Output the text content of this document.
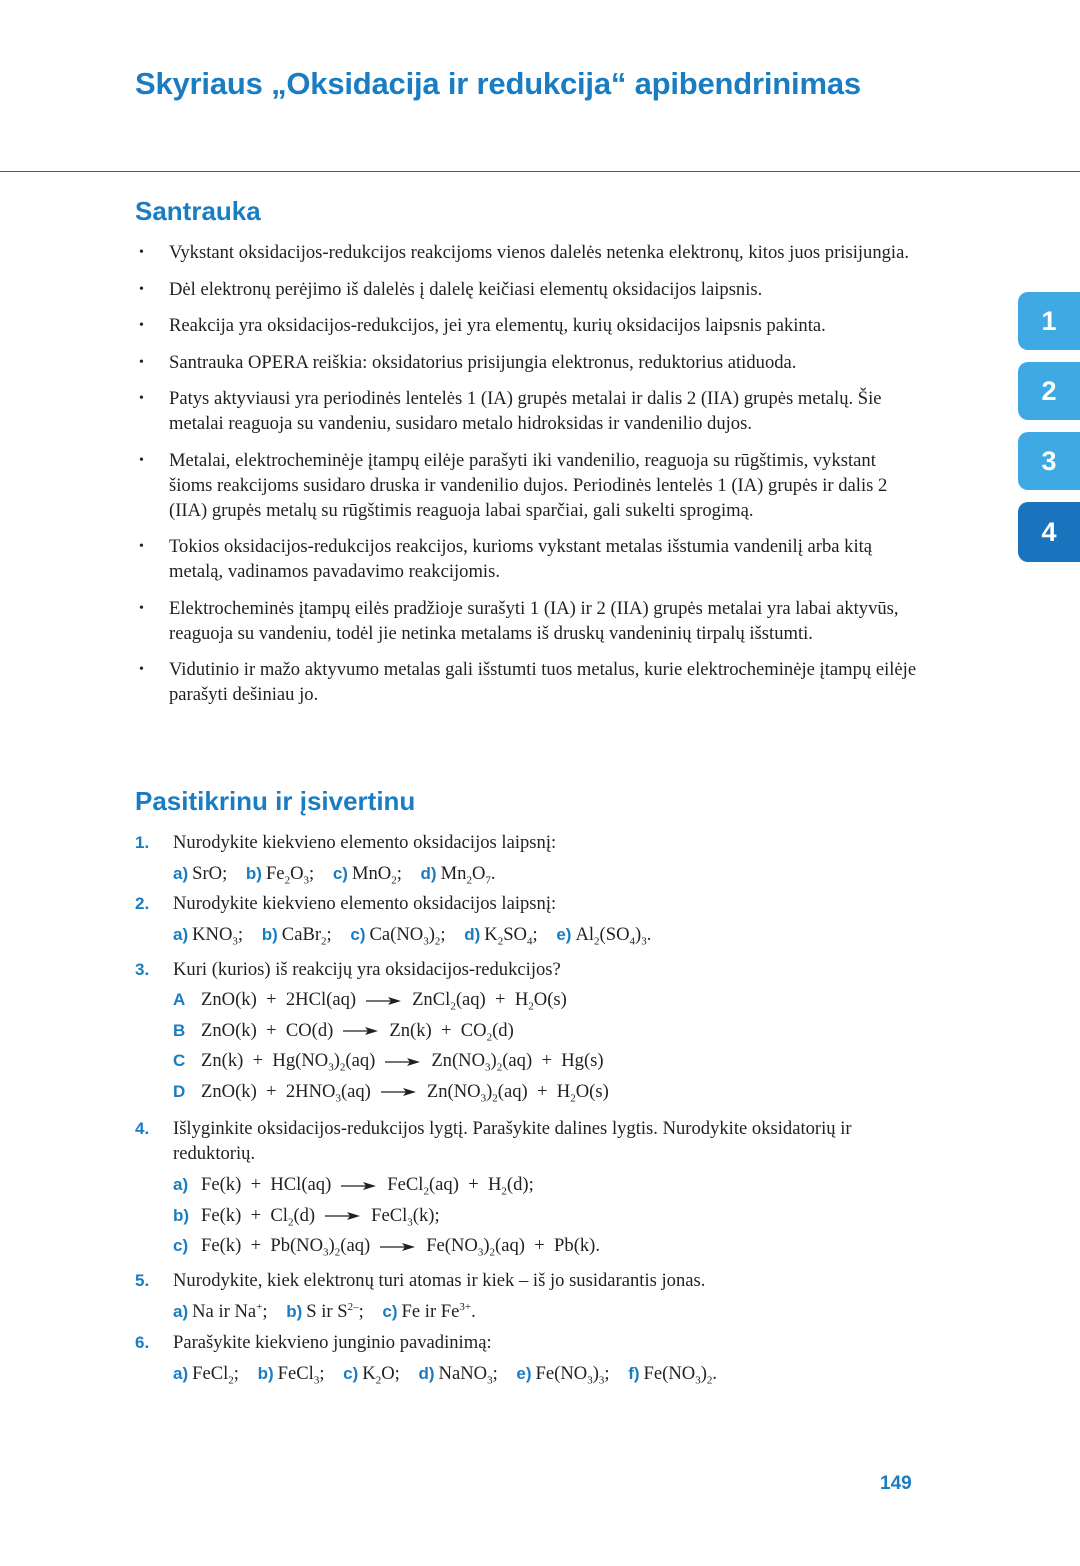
Skyriaus „Oksidacija ir redukcija“ apibendrinimas
1
2
3
4
Santrauka
• Vykstant oksidacijos-redukcijos reakcijoms vienos dalelės netenka elektronų, kitos juos prisijungia.
• Dėl elektronų perėjimo iš dalelės į dalelę keičiasi elementų oksidacijos laipsnis.
• Reakcija yra oksidacijos-redukcijos, jei yra elementų, kurių oksidacijos laipsnis pakinta.
• Santrauka OPERA reiškia: oksidatorius prisijungia elektronus, reduktorius atiduoda.
• Patys aktyviausi yra periodinės lentelės 1 (IA) grupės metalai ir dalis 2 (IIA) grupės metalų. Šie metalai reaguoja su vandeniu, susidaro metalo hidroksidas ir vandenilio dujos.
• Metalai, elektrocheminėje įtampų eilėje parašyti iki vandenilio, reaguoja su rūgštimis, vykstant šioms reakcijoms susidaro druska ir vandenilio dujos. Periodinės lentelės 1 (IA) grupės ir dalis 2 (IIA) grupės metalų su rūgštimis reaguoja labai sparčiai, gali sukelti sprogimą.
• Tokios oksidacijos-redukcijos reakcijos, kurioms vykstant metalas išstumia vandenilį arba kitą metalą, vadinamos pavadavimo reakcijomis.
• Elektrocheminės įtampų eilės pradžioje surašyti 1 (IA) ir 2 (IIA) grupės metalai yra labai aktyvūs, reaguoja su vandeniu, todėl jie netinka metalams iš druskų vandeninių tirpalų išstumti.
• Vidutinio ir mažo aktyvumo metalas gali išstumti tuos metalus, kurie elektrocheminėje įtampų eilėje parašyti dešiniau jo.
Pasitikrinu ir įsivertinu
1. Nurodykite kiekvieno elemento oksidacijos laipsnį:
a) SrO; b) $Fe_2O_3$; c) MnO$_2$; d) $Mn_2O_7$.
2. Nurodykite kiekvieno elemento oksidacijos laipsnį:
a) $KNO_3$; b) CaBr$_2$; c) $Ca(NO_3)_2$; d) $K_2SO_4$; e) $Al_2(SO_4)_3$.
3. Kuri (kurios) iš reakcijų yra oksidacijos-redukcijos?
A ZnO(k)  +  2HCl(aq) → ZnCl$_2$(aq)  +  $H_2O(s)$
B $ZnO(k) + CO(d) \to Zn(k) + CO_2(d)$
C $Zn(k) + Hg(NO_3)_2(aq) \to Zn(NO_3)_2(aq) + Hg(s)$
D $ZnO(k) + 2HNO_3(aq) \to Zn(NO_3)_2(aq) + H_2O(s)$
4. Išlyginkite oksidacijos-redukcijos lygtį. Parašykite dalines lygtis. Nurodykite oksidatorių ir reduktorių.
a) Fe(k)  +  HCl(aq) → FeCl$_2$(aq)  +  $H_2(d)$;
b) $Fe(k) + Cl_2(d)$ → FeCl$_3$(k);
c) $Fe(k) + Pb(NO_3)_2(aq) \to Fe(NO_3)_2(aq) + Pb(k)$.
5. Nurodykite, kiek elektronų turi atomas ir kiek – iš jo susidarantis jonas.
a) Na ir Na+; b) S ir $S^{2-}$; c) Fe ir $Fe^{3+}$.
6. Parašykite kiekvieno junginio pavadinimą:
a) FeCl$_2$; b) FeCl$_3$; c) $K_2O$; d) NaNO$_3$; e) $Fe(NO_3)_3$; f) $Fe(NO_3)_2$.
149
